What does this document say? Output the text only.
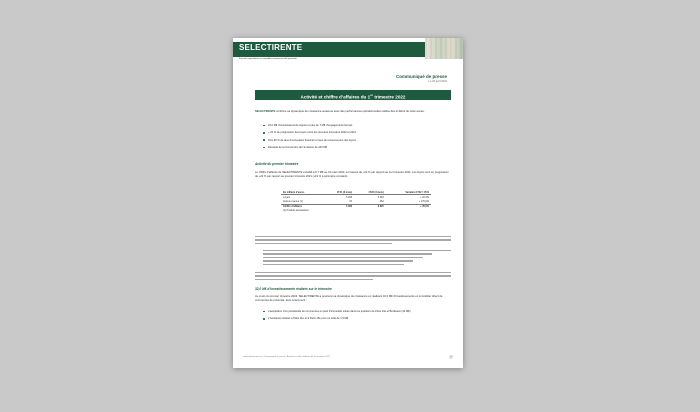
SELECTIRENTE
Foncière spécialisée en immobilier commercial de proximité
Communiqué de presse
Le 26 avril 2022
Activité et chiffre d’affaires du 1er trimestre 2022
SELECTIRENTE confirme sa dynamique de croissance soutenue avec des performances opérationnelles solides dès le début de cette année :
32,0 M€ d’investissements signés et plus de 7 M€ d’engagements fermes
+ 22 % de progression des loyers entre les premiers trimestres 2022 et 2021
Plus 96 % de taux d’occupation financier et taux de recouvrement des loyers
Réussite de la Conversion de l’émission de 240 M€
Activité du premier trimestre
Le chiffre d’affaires de SELECTIRENTE s’établit à 6,7 M€ au 31 mars 2022, en hausse de +22 % par rapport au 1er trimestre 2021. Les loyers sont en progression de +22 % par rapport au premier trimestre 2021 (+19 % à périmètre constant).
En milliers d’euros	1T21 (3 mois)	1T22 (3 mois)	Variation 1T22 / 1T21
Loyers	5 203	6 363	+ 22,3%
Autres revenus (1)	97	262	+ 170,0%
Chiffre d’affaires	5 300	6 625	+ 25,0%
(1) Produits accessoires			
32,0 M€ d’investissements réalisés sur le trimestre
Au cours du premier trimestre 2022, SELECTIRENTE a poursuivi sa dynamique de croissance en réalisant 32,0 M€ d’investissements en immobilier direct de commerces de proximité, dont notamment :
L’acquisition d’un portefeuille de commerces en pied d’immeuble situés dans les quartiers de Paris 10e et Bordeaux (34 M€)
2 boutiques situées à Paris 11e et à Paris 15e pour un total de 1,5 M€.
www.selectirente.com · Communiqué de presse · Activité et chiffre d’affaires du 1er trimestre 2022	1
